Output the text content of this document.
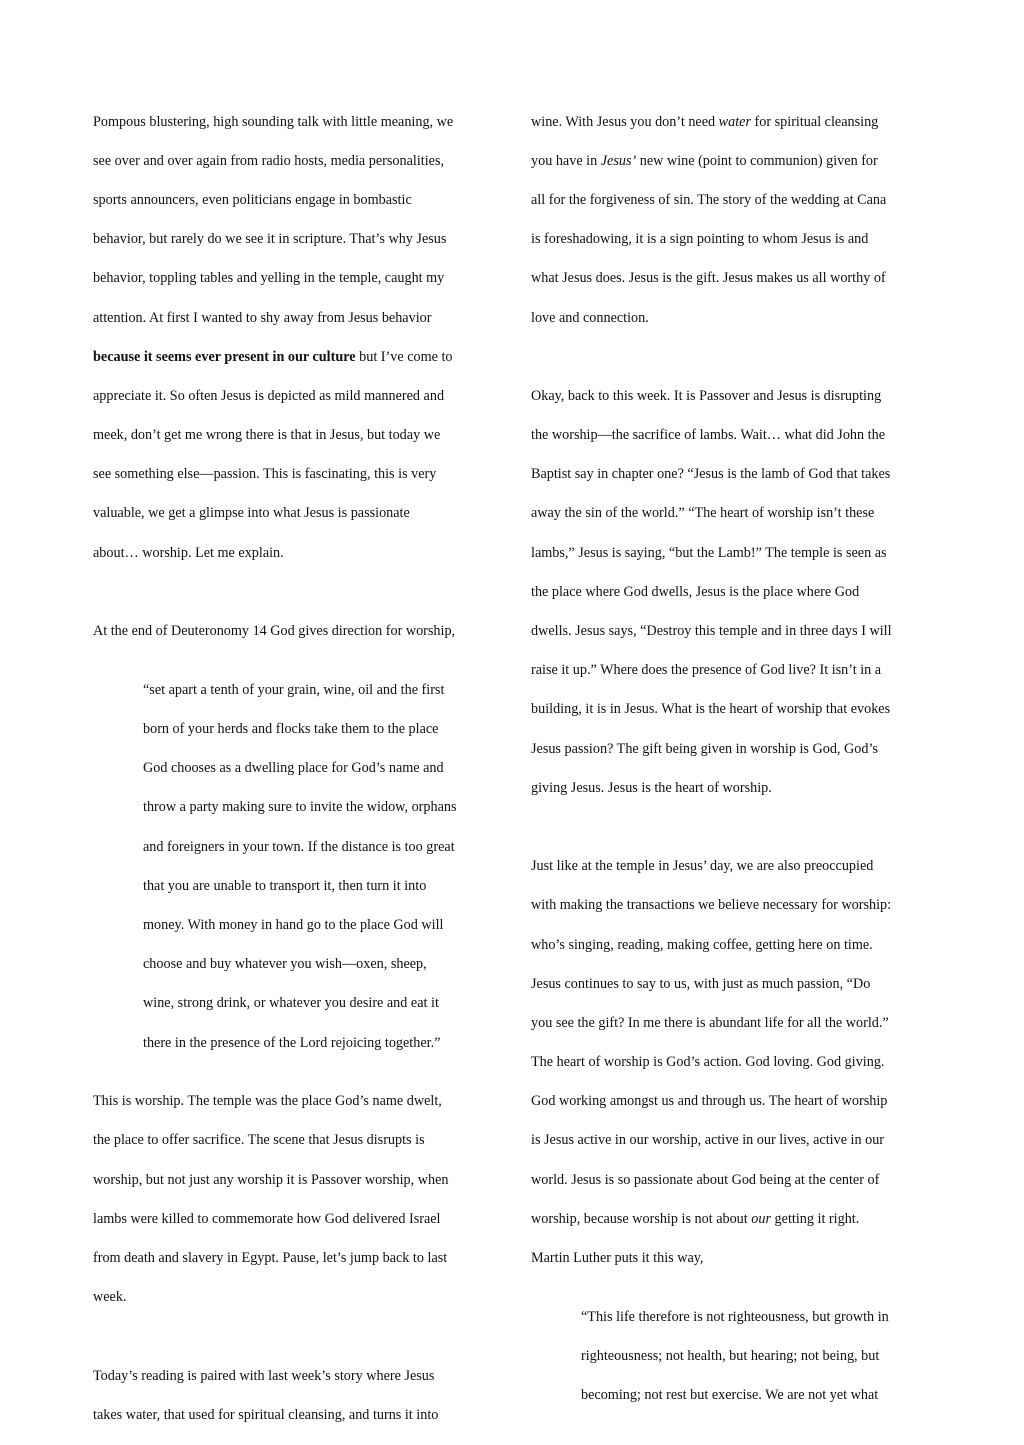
Pompous blustering, high sounding talk with little meaning, we

see over and over again from radio hosts, media personalities,

sports announcers, even politicians engage in bombastic

behavior, but rarely do we see it in scripture. That’s why Jesus

behavior, toppling tables and yelling in the temple, caught my

attention. At first I wanted to shy away from Jesus behavior

because it seems ever present in our culture but I’ve come to

appreciate it. So often Jesus is depicted as mild mannered and

meek, don’t get me wrong there is that in Jesus, but today we

see something else—passion. This is fascinating, this is very

valuable, we get a glimpse into what Jesus is passionate

about… worship. Let me explain.

At the end of Deuteronomy 14 God gives direction for worship,

“set apart a tenth of your grain, wine, oil and the first

born of your herds and flocks take them to the place

God chooses as a dwelling place for God’s name and

throw a party making sure to invite the widow, orphans

and foreigners in your town. If the distance is too great

that you are unable to transport it, then turn it into

money. With money in hand go to the place God will

choose and buy whatever you wish—oxen, sheep,

wine, strong drink, or whatever you desire and eat it

there in the presence of the Lord rejoicing together.”

This is worship. The temple was the place God’s name dwelt,

the place to offer sacrifice. The scene that Jesus disrupts is

worship, but not just any worship it is Passover worship, when

lambs were killed to commemorate how God delivered Israel

from death and slavery in Egypt. Pause, let’s jump back to last

week.

Today’s reading is paired with last week’s story where Jesus

takes water, that used for spiritual cleansing, and turns it into

wine. With Jesus you don’t need water for spiritual cleansing

you have in Jesus’ new wine (point to communion) given for

all for the forgiveness of sin. The story of the wedding at Cana

is foreshadowing, it is a sign pointing to whom Jesus is and

what Jesus does. Jesus is the gift. Jesus makes us all worthy of

love and connection.

Okay, back to this week. It is Passover and Jesus is disrupting

the worship—the sacrifice of lambs. Wait… what did John the

Baptist say in chapter one? “Jesus is the lamb of God that takes

away the sin of the world.” “The heart of worship isn’t these

lambs,” Jesus is saying, “but the Lamb!” The temple is seen as

the place where God dwells, Jesus is the place where God

dwells. Jesus says, “Destroy this temple and in three days I will

raise it up.” Where does the presence of God live? It isn’t in a

building, it is in Jesus. What is the heart of worship that evokes

Jesus passion? The gift being given in worship is God, God’s

giving Jesus. Jesus is the heart of worship.

Just like at the temple in Jesus’ day, we are also preoccupied

with making the transactions we believe necessary for worship:

who’s singing, reading, making coffee, getting here on time.

Jesus continues to say to us, with just as much passion, “Do

you see the gift? In me there is abundant life for all the world.”

The heart of worship is God’s action. God loving. God giving.

God working amongst us and through us. The heart of worship

is Jesus active in our worship, active in our lives, active in our

world. Jesus is so passionate about God being at the center of

worship, because worship is not about our getting it right.

Martin Luther puts it this way,

“This life therefore is not righteousness, but growth in

righteousness; not health, but hearing; not being, but

becoming; not rest but exercise. We are not yet what
